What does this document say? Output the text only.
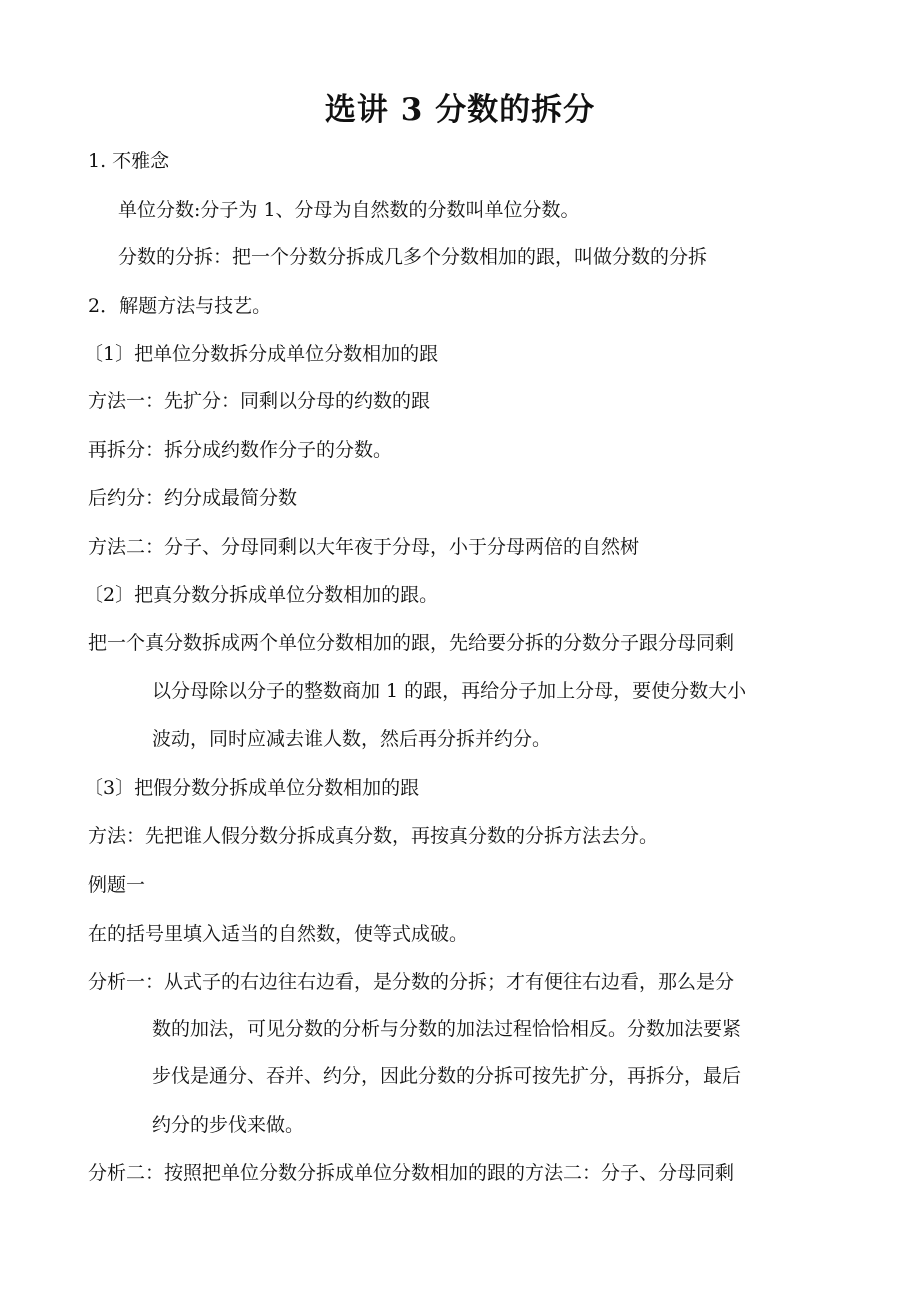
选讲 3 分数的拆分
1. 不雅念
单位分数:分子为 1、分母为自然数的分数叫单位分数。
分数的分拆：把一个分数分拆成几多个分数相加的跟，叫做分数的分拆
2．解题方法与技艺。
〔1〕把单位分数拆分成单位分数相加的跟
方法一：先扩分：同剩以分母的约数的跟
再拆分：拆分成约数作分子的分数。
后约分：约分成最简分数
方法二：分子、分母同剩以大年夜于分母，小于分母两倍的自然树
〔2〕把真分数分拆成单位分数相加的跟。
把一个真分数拆成两个单位分数相加的跟，先给要分拆的分数分子跟分母同剩
以分母除以分子的整数商加 1 的跟，再给分子加上分母，要使分数大小
波动，同时应减去谁人数，然后再分拆并约分。
〔3〕把假分数分拆成单位分数相加的跟
方法：先把谁人假分数分拆成真分数，再按真分数的分拆方法去分。
例题一
在的括号里填入适当的自然数，使等式成破。
分析一：从式子的右边往右边看，是分数的分拆；才有便往右边看，那么是分
数的加法，可见分数的分析与分数的加法过程恰恰相反。分数加法要紧
步伐是通分、吞并、约分，因此分数的分拆可按先扩分，再拆分，最后
约分的步伐来做。
分析二：按照把单位分数分拆成单位分数相加的跟的方法二：分子、分母同剩
